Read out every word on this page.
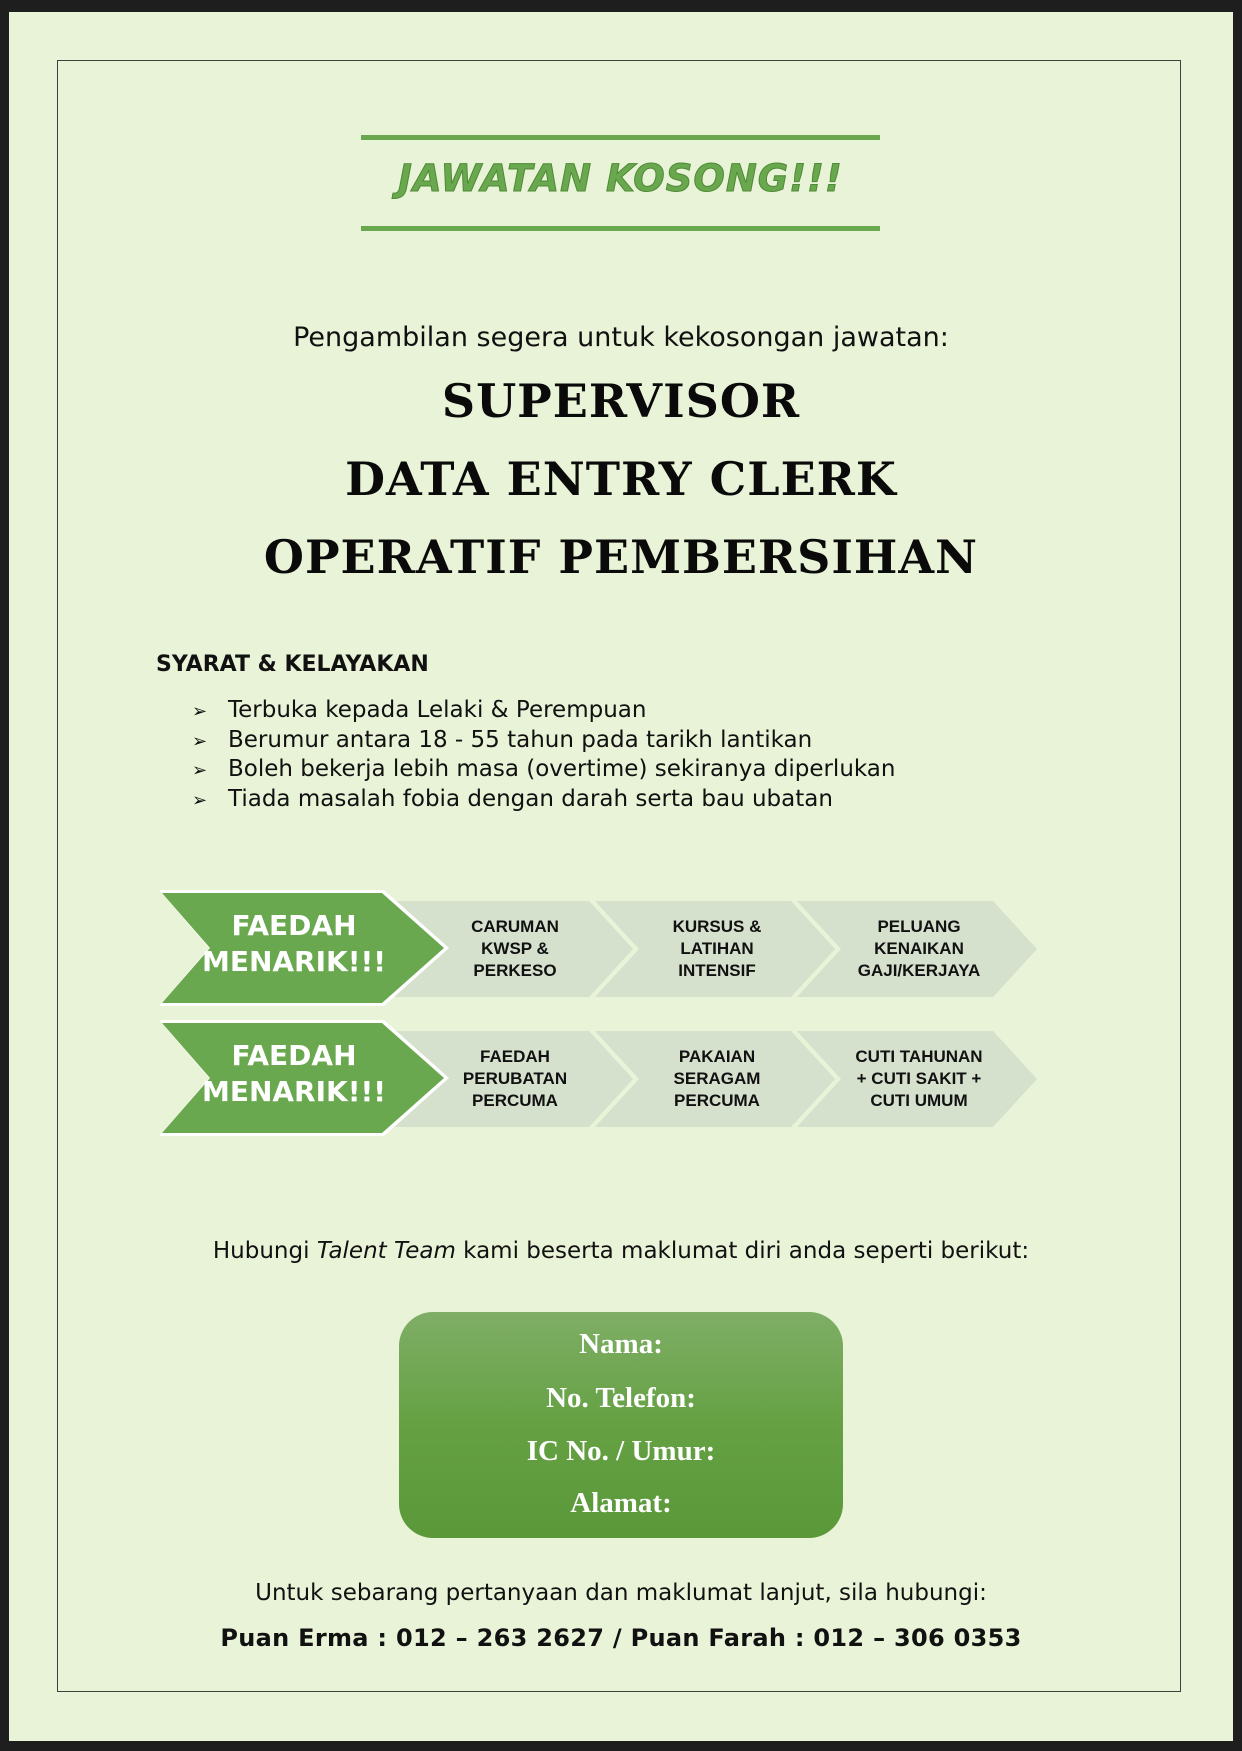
JAWATAN KOSONG!!!
Pengambilan segera untuk kekosongan jawatan:
SUPERVISOR
DATA ENTRY CLERK
OPERATIF PEMBERSIHAN
SYARAT & KELAYAKAN
➢ Terbuka kepada Lelaki & Perempuan
➢ Berumur antara 18 - 55 tahun pada tarikh lantikan
➢ Boleh bekerja lebih masa (overtime) sekiranya diperlukan
➢ Tiada masalah fobia dengan darah serta bau ubatan
PELUANG
KENAIKAN
GAJI/KERJAYA
KURSUS &
LATIHAN
INTENSIF
CARUMAN
KWSP &
PERKESO
FAEDAH
MENARIK!!!
CUTI TAHUNAN
+ CUTI SAKIT +
CUTI UMUM
PAKAIAN
SERAGAM
PERCUMA
FAEDAH
PERUBATAN
PERCUMA
FAEDAH
MENARIK!!!
Hubungi Talent Team kami beserta maklumat diri anda seperti berikut:
Nama:
No. Telefon:
IC No. / Umur:
Alamat:
Untuk sebarang pertanyaan dan maklumat lanjut, sila hubungi:
Puan Erma : 012 – 263 2627 / Puan Farah : 012 – 306 0353
